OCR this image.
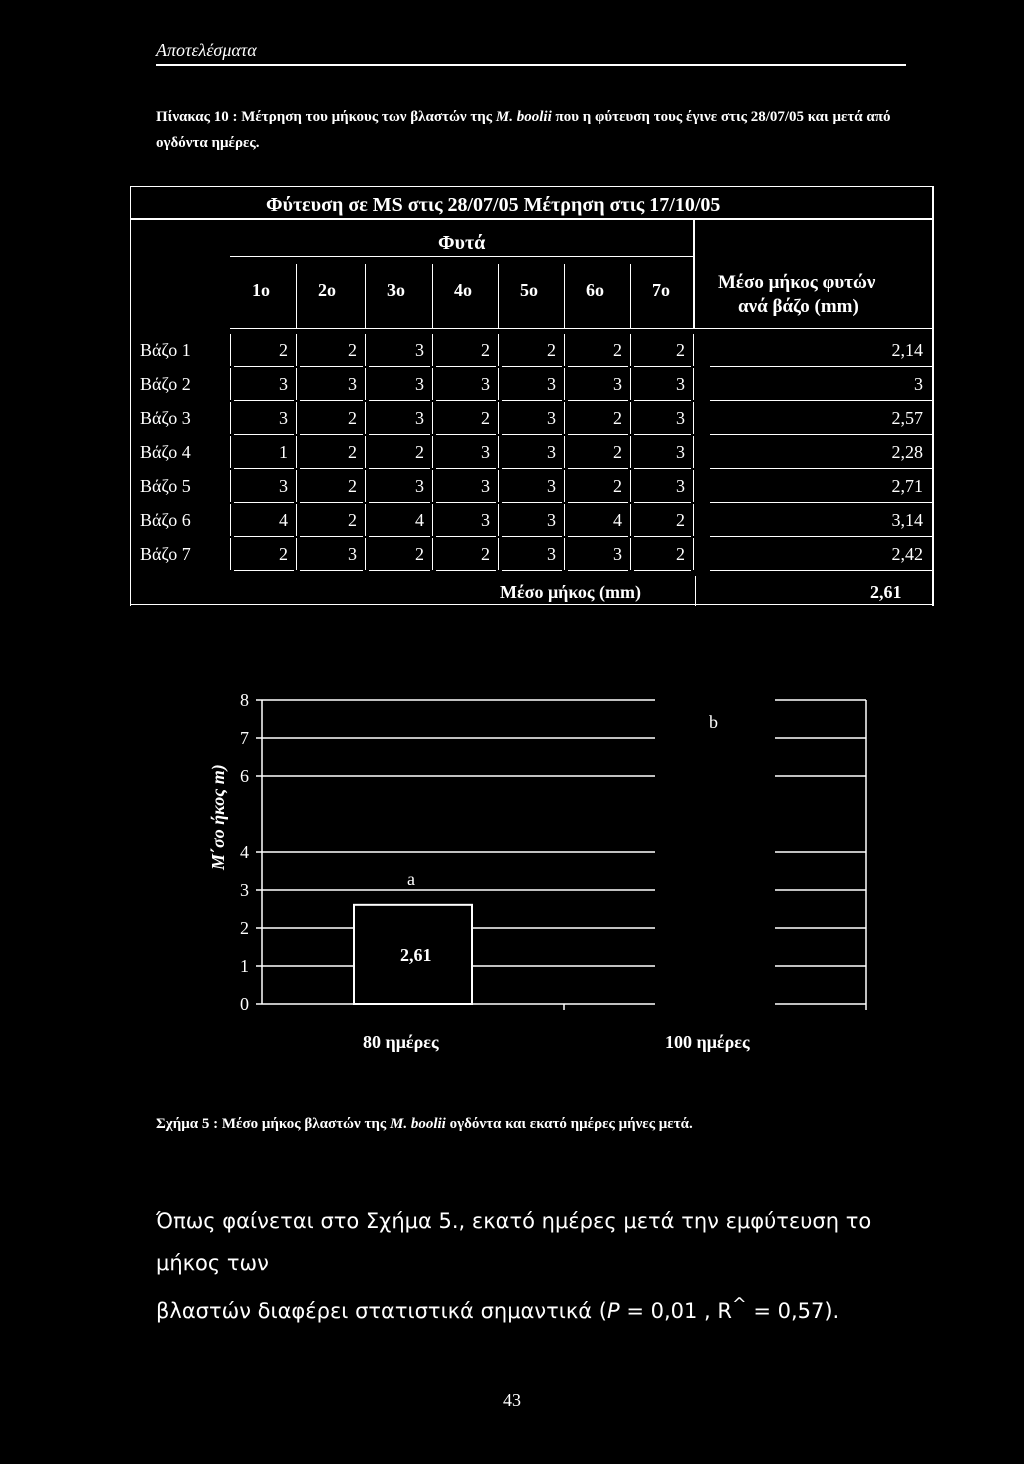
Αποτελέσματα
Πίνακας 10 : Μέτρηση του μήκους των βλαστών της M. boolii που η φύτευση τους έγινε στις 28/07/05 και μετά από ογδόντα ημέρες.
Φύτευση σε MS στις 28/07/05 Μέτρηση στις 17/10/05
Φυτά
Μέσο μήκος φυτών
ανά βάζο (mm)
Μέσο μήκος (mm)	2,61
1ο	2ο	3ο	4ο	5ο	6ο	7ο
Βάζο 1	2	2	3	2	2	2	2	2,14
Βάζο 2	3	3	3	3	3	3	3	3
Βάζο 3	3	2	3	2	3	2	3	2,57
Βάζο 4	1	2	2	3	3	2	3	2,28
Βάζο 5	3	2	3	3	3	2	3	2,71
Βάζο 6	4	2	4	3	3	4	2	3,14
Βάζο 7	2	3	2	2	3	3	2	2,42
0
1
2
3
4
6
7
8
2,61
a
80 ημέρες
b
100 ημέρες
Μ΄σο ήκος m)
Σχήμα 5 : Μέσο μήκος βλαστών της M. boolii ογδόντα και εκατό ημέρες μήνες μετά.
Όπως φαίνεται στο Σχήμα 5., εκατό ημέρες μετά την εμφύτευση το μήκος των
βλαστών διαφέρει στατιστικά σημαντικά (P = 0,01 , R^ = 0,57).
43
